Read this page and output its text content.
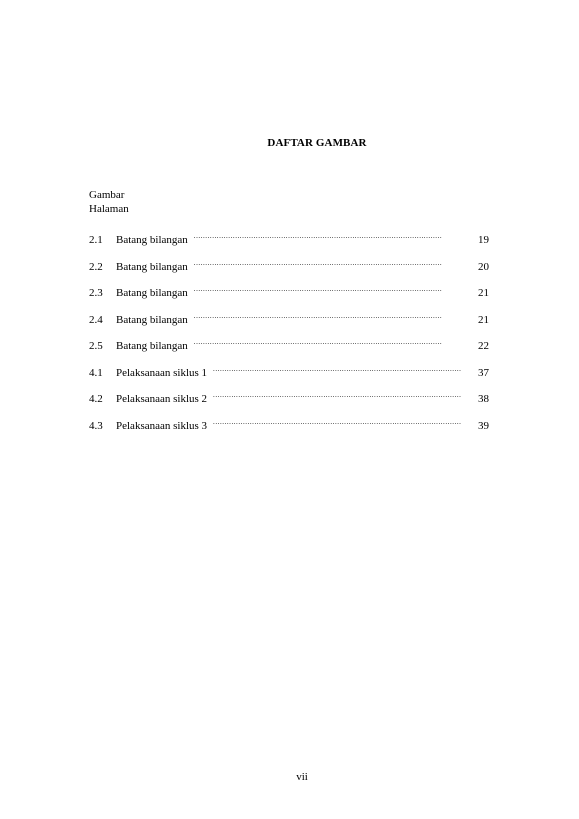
DAFTAR GAMBAR
Gambar
Halaman
2.1	Batang bilangan . . .	19
2.2	Batang bilangan . . .	20
2.3	Batang bilangan . . .	21
2.4	Batang bilangan . . .	21
2.5	Batang bilangan . . .	22
4.1	Pelaksanaan siklus 1 . . .	37
4.2	Pelaksanaan siklus 2 . . .	38
4.3	Pelaksanaan siklus 3 . . .	39
vii
